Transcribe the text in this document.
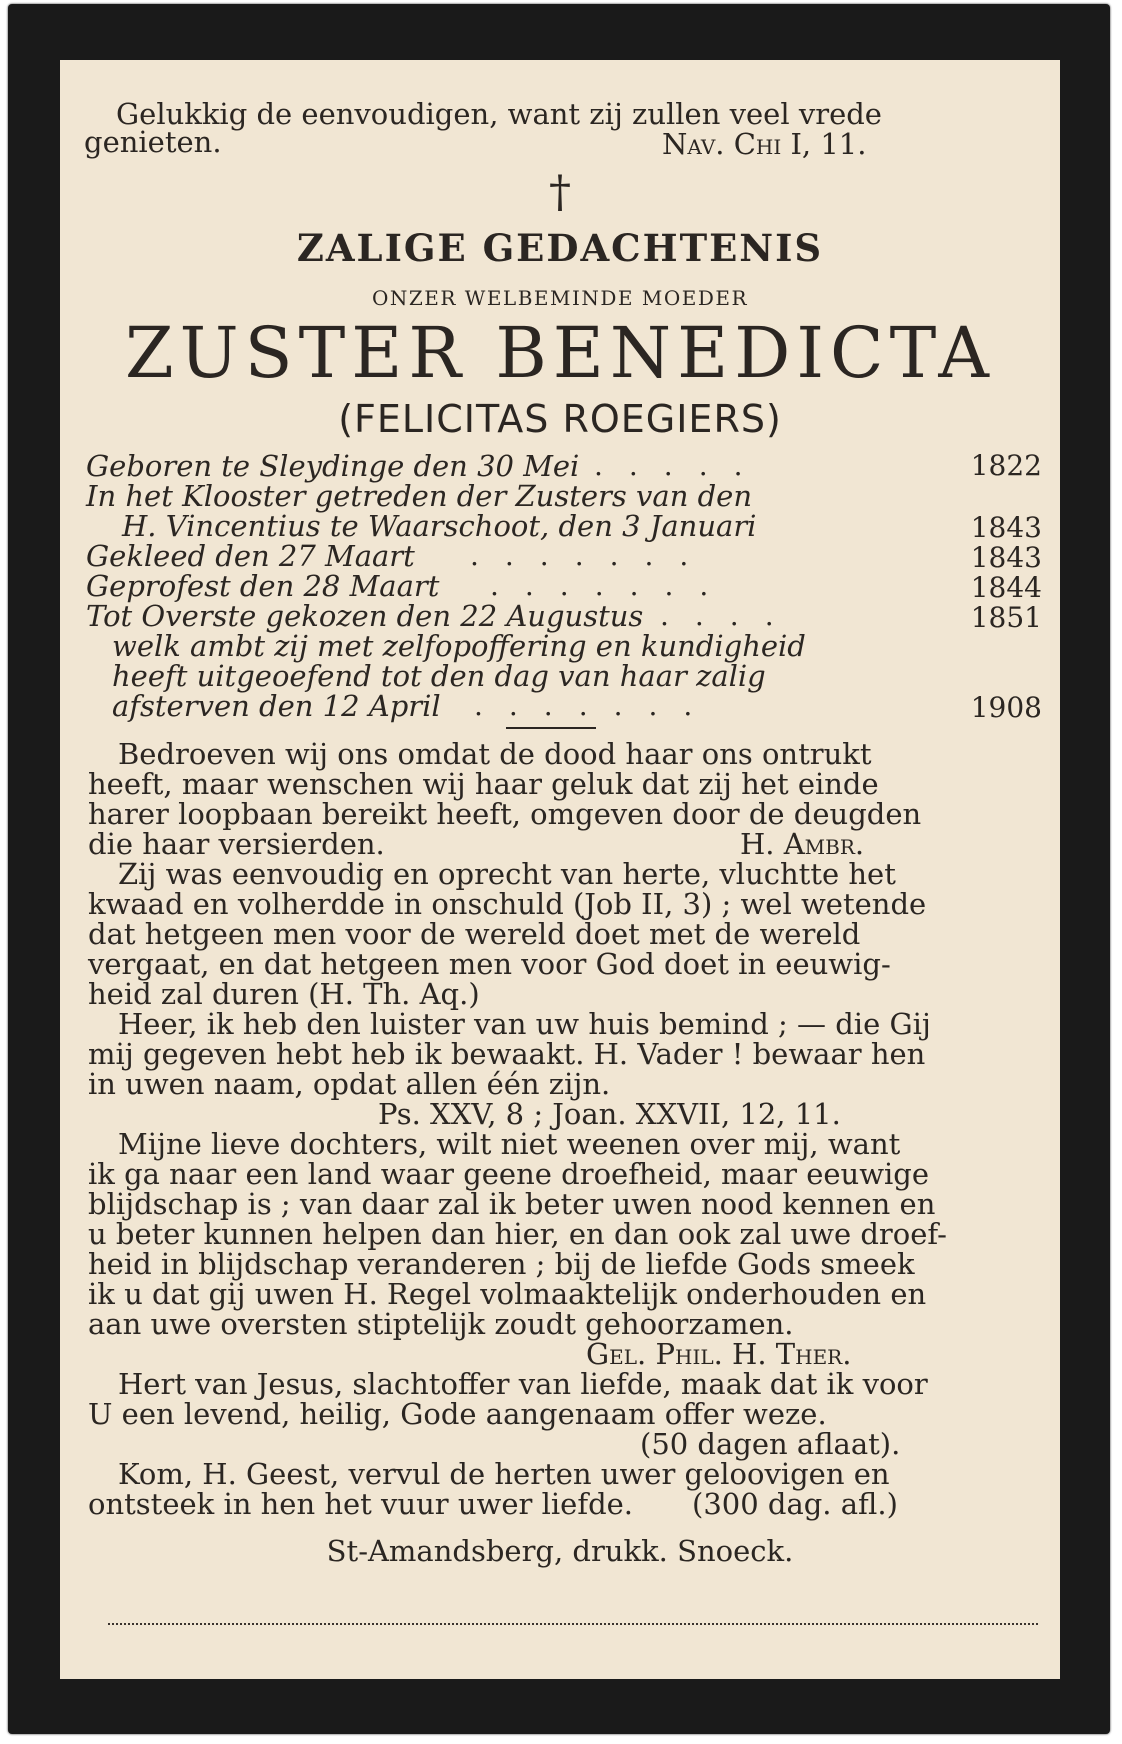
Gelukkig de eenvoudigen, want zij zullen veel vrede
genieten.	Nav. Chi I, 11.
†
ZALIGE GEDACHTENIS
ONZER WELBEMINDE MOEDER
ZUSTER BENEDICTA
(FELICITAS ROEGIERS)
Geboren te Sleydinge den 30 Mei .....	1822
In het Klooster getreden der Zusters van den
H. Vincentius te Waarschoot, den 3 Januari	1843
Gekleed den 27 Maart .......	1843
Geprofest den 28 Maart .......	1844
Tot Overste gekozen den 22 Augustus ....	1851
welk ambt zij met zelfopoffering en kundigheid
heeft uitgeoefend tot den dag van haar zalig
afsterven den 12 April .......	1908
Bedroeven wij ons omdat de dood haar ons ontrukt
heeft, maar wenschen wij haar geluk dat zij het einde
harer loopbaan bereikt heeft, omgeven door de deugden
die haar versierden.	H. Ambr.
Zij was eenvoudig en oprecht van herte, vluchtte het
kwaad en volherdde in onschuld (Job II, 3) ; wel wetende
dat hetgeen men voor de wereld doet met de wereld
vergaat, en dat hetgeen men voor God doet in eeuwig-
heid zal duren (H. Th. Aq.)
Heer, ik heb den luister van uw huis bemind ; — die Gij
mij gegeven hebt heb ik bewaakt. H. Vader ! bewaar hen
in uwen naam, opdat allen één zijn.
Ps. XXV, 8 ; Joan. XXVII, 12, 11.
Mijne lieve dochters, wilt niet weenen over mij, want
ik ga naar een land waar geene droefheid, maar eeuwige
blijdschap is ; van daar zal ik beter uwen nood kennen en
u beter kunnen helpen dan hier, en dan ook zal uwe droef-
heid in blijdschap veranderen ; bij de liefde Gods smeek
ik u dat gij uwen H. Regel volmaaktelijk onderhouden en
aan uwe oversten stiptelijk zoudt gehoorzamen.
Gel. Phil. H. Ther.
Hert van Jesus, slachtoffer van liefde, maak dat ik voor
U een levend, heilig, Gode aangenaam offer weze.
(50 dagen aflaat).
Kom, H. Geest, vervul de herten uwer geloovigen en
ontsteek in hen het vuur uwer liefde. (300 dag. afl.)
St-Amandsberg, drukk. Snoeck.
